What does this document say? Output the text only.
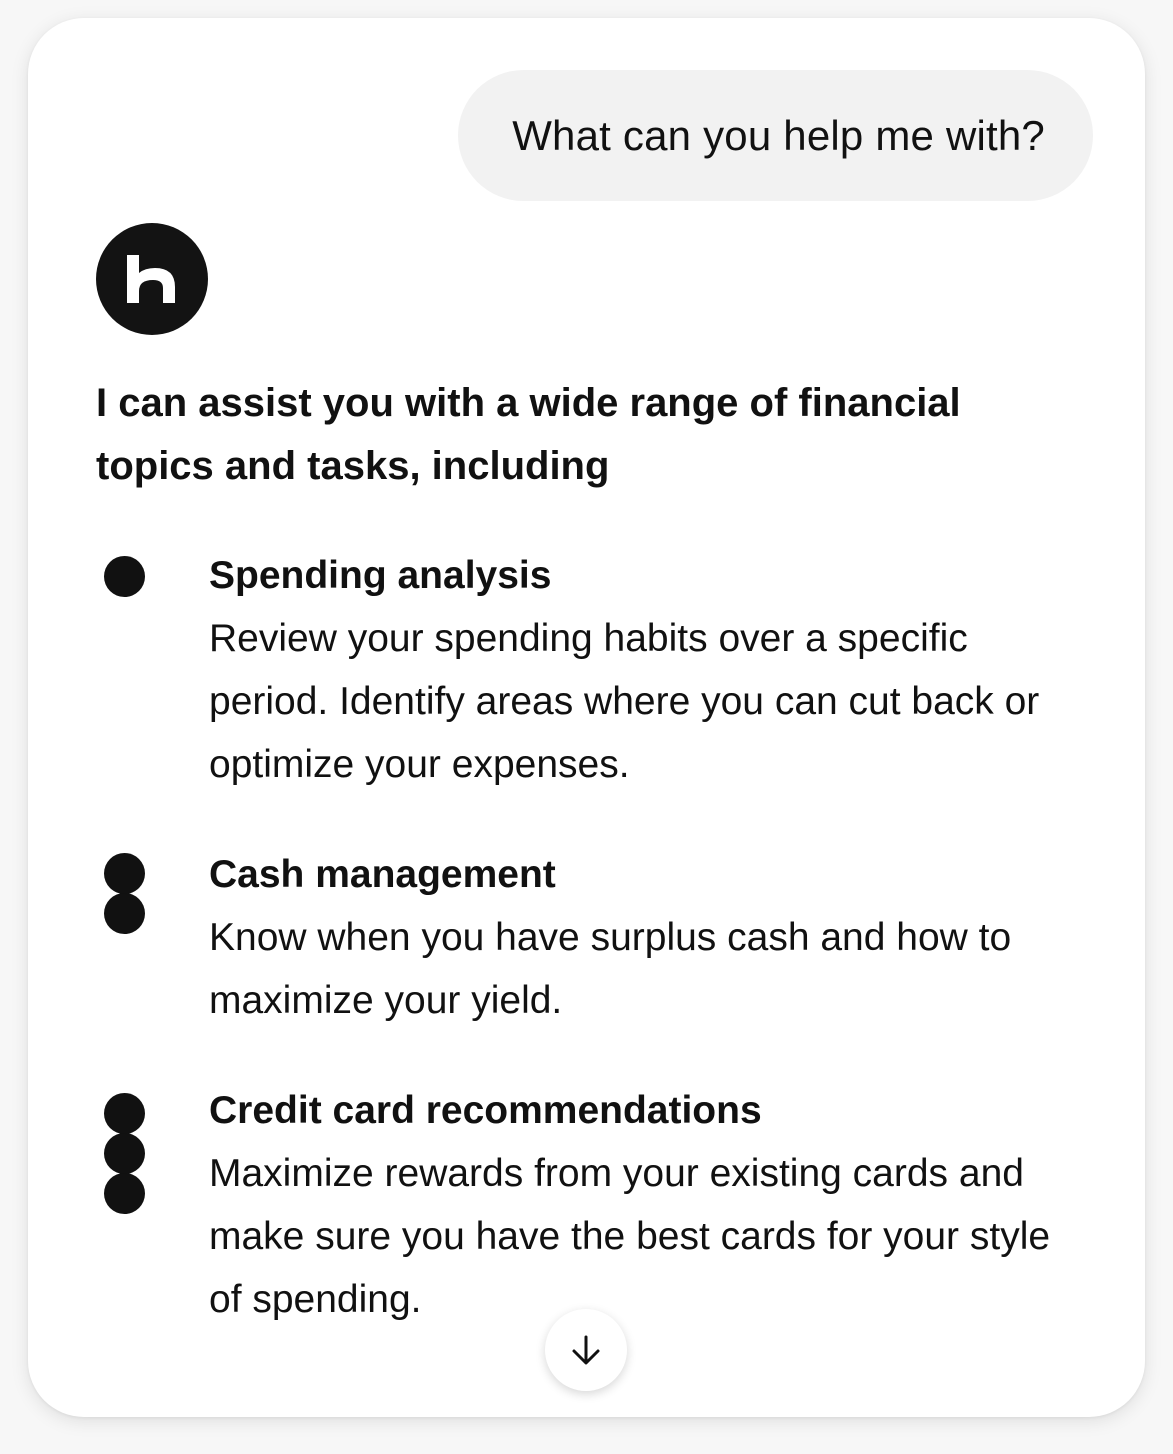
What can you help me with?
I can assist you with a wide range of financial topics and tasks, including
Spending analysis
Review your spending habits over a specific period. Identify areas where you can cut back or optimize your expenses.
Cash management
Know when you have surplus cash and how to maximize your yield.
Credit card recommendations
Maximize rewards from your existing cards and make sure you have the best cards for your style of spending.
